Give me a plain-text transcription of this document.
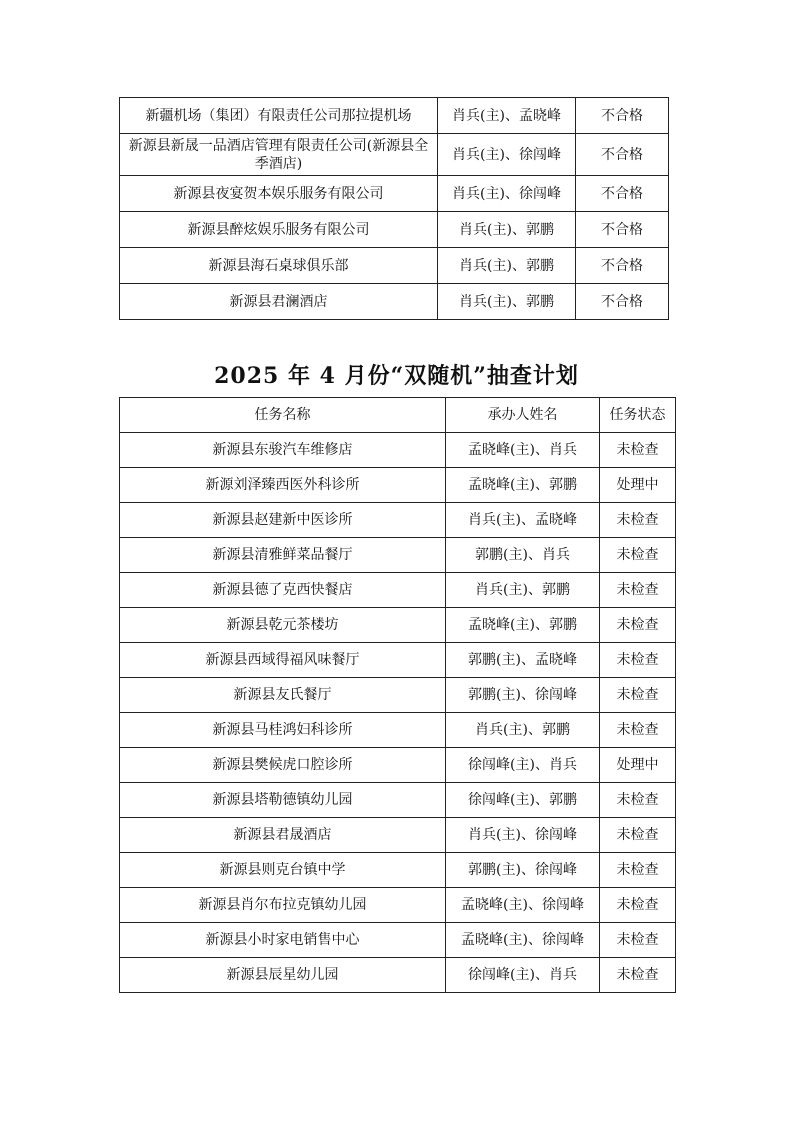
新疆机场（集团）有限责任公司那拉提机场	肖兵(主)、孟晓峰	不合格
新源县新晟一品酒店管理有限责任公司(新源县全季酒店)	肖兵(主)、徐闯峰	不合格
新源县夜宴贺本娱乐服务有限公司	肖兵(主)、徐闯峰	不合格
新源县醉炫娱乐服务有限公司	肖兵(主)、郭鹏	不合格
新源县海石桌球俱乐部	肖兵(主)、郭鹏	不合格
新源县君澜酒店	肖兵(主)、郭鹏	不合格
2025 年 4 月份“双随机”抽查计划
任务名称	承办人姓名	任务状态
新源县东骏汽车维修店	孟晓峰(主)、肖兵	未检查
新源刘泽臻西医外科诊所	孟晓峰(主)、郭鹏	处理中
新源县赵建新中医诊所	肖兵(主)、孟晓峰	未检查
新源县清雅鲜菜品餐厅	郭鹏(主)、肖兵	未检查
新源县德了克西快餐店	肖兵(主)、郭鹏	未检查
新源县乾元茶楼坊	孟晓峰(主)、郭鹏	未检查
新源县西域得福风味餐厅	郭鹏(主)、孟晓峰	未检查
新源县友氏餐厅	郭鹏(主)、徐闯峰	未检查
新源县马桂鸿妇科诊所	肖兵(主)、郭鹏	未检查
新源县樊候虎口腔诊所	徐闯峰(主)、肖兵	处理中
新源县塔勒德镇幼儿园	徐闯峰(主)、郭鹏	未检查
新源县君晟酒店	肖兵(主)、徐闯峰	未检查
新源县则克台镇中学	郭鹏(主)、徐闯峰	未检查
新源县肖尔布拉克镇幼儿园	孟晓峰(主)、徐闯峰	未检查
新源县小时家电销售中心	孟晓峰(主)、徐闯峰	未检查
新源县辰星幼儿园	徐闯峰(主)、肖兵	未检查
